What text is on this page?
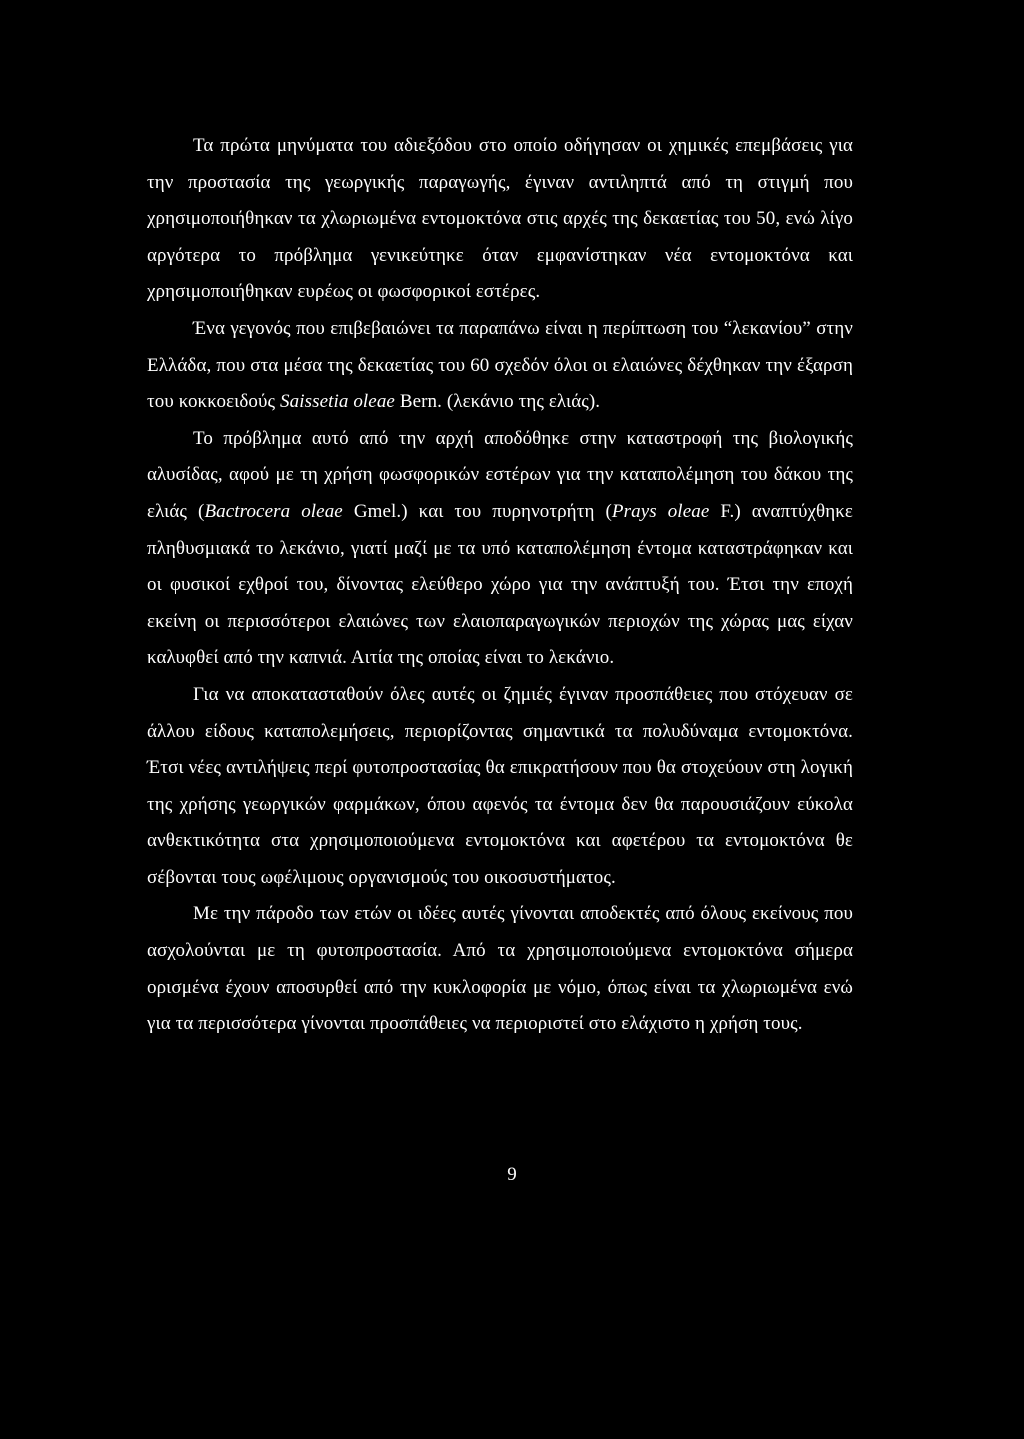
Τα πρώτα μηνύματα του αδιεξόδου στο οποίο οδήγησαν οι χημικές επεμβάσεις για την προστασία της γεωργικής παραγωγής, έγιναν αντιληπτά από τη στιγμή που χρησιμοποιήθηκαν τα χλωριωμένα εντομοκτόνα στις αρχές της δεκαετίας του 50, ενώ λίγο αργότερα το πρόβλημα γενικεύτηκε όταν εμφανίστηκαν νέα εντομοκτόνα και χρησιμοποιήθηκαν ευρέως οι φωσφορικοί εστέρες.

Ένα γεγονός που επιβεβαιώνει τα παραπάνω είναι η περίπτωση του “λεκανίου” στην Ελλάδα, που στα μέσα της δεκαετίας του 60 σχεδόν όλοι οι ελαιώνες δέχθηκαν την έξαρση του κοκκοειδούς Saissetia oleae Bern. (λεκάνιο της ελιάς).

Το πρόβλημα αυτό από την αρχή αποδόθηκε στην καταστροφή της βιολογικής αλυσίδας, αφού με τη χρήση φωσφορικών εστέρων για την καταπολέμηση του δάκου της ελιάς (Bactrocera oleae Gmel.) και του πυρηνοτρήτη (Prays oleae F.) αναπτύχθηκε πληθυσμιακά το λεκάνιο, γιατί μαζί με τα υπό καταπολέμηση έντομα καταστράφηκαν και οι φυσικοί εχθροί του, δίνοντας ελεύθερο χώρο για την ανάπτυξή του. Έτσι την εποχή εκείνη οι περισσότεροι ελαιώνες των ελαιοπαραγωγικών περιοχών της χώρας μας είχαν καλυφθεί από την καπνιά. Αιτία της οποίας είναι το λεκάνιο.

Για να αποκατασταθούν όλες αυτές οι ζημιές έγιναν προσπάθειες που στόχευαν σε άλλου είδους καταπολεμήσεις, περιορίζοντας σημαντικά τα πολυδύναμα εντομοκτόνα. Έτσι νέες αντιλήψεις περί φυτοπροστασίας θα επικρατήσουν που θα στοχεύουν στη λογική της χρήσης γεωργικών φαρμάκων, όπου αφενός τα έντομα δεν θα παρουσιάζουν εύκολα ανθεκτικότητα στα χρησιμοποιούμενα εντομοκτόνα και αφετέρου τα εντομοκτόνα θε σέβονται τους ωφέλιμους οργανισμούς του οικοσυστήματος.

Με την πάροδο των ετών οι ιδέες αυτές γίνονται αποδεκτές από όλους εκείνους που ασχολούνται με τη φυτοπροστασία. Από τα χρησιμοποιούμενα εντομοκτόνα σήμερα ορισμένα έχουν αποσυρθεί από την κυκλοφορία με νόμο, όπως είναι τα χλωριωμένα ενώ για τα περισσότερα γίνονται προσπάθειες να περιοριστεί στο ελάχιστο η χρήση τους.

9
